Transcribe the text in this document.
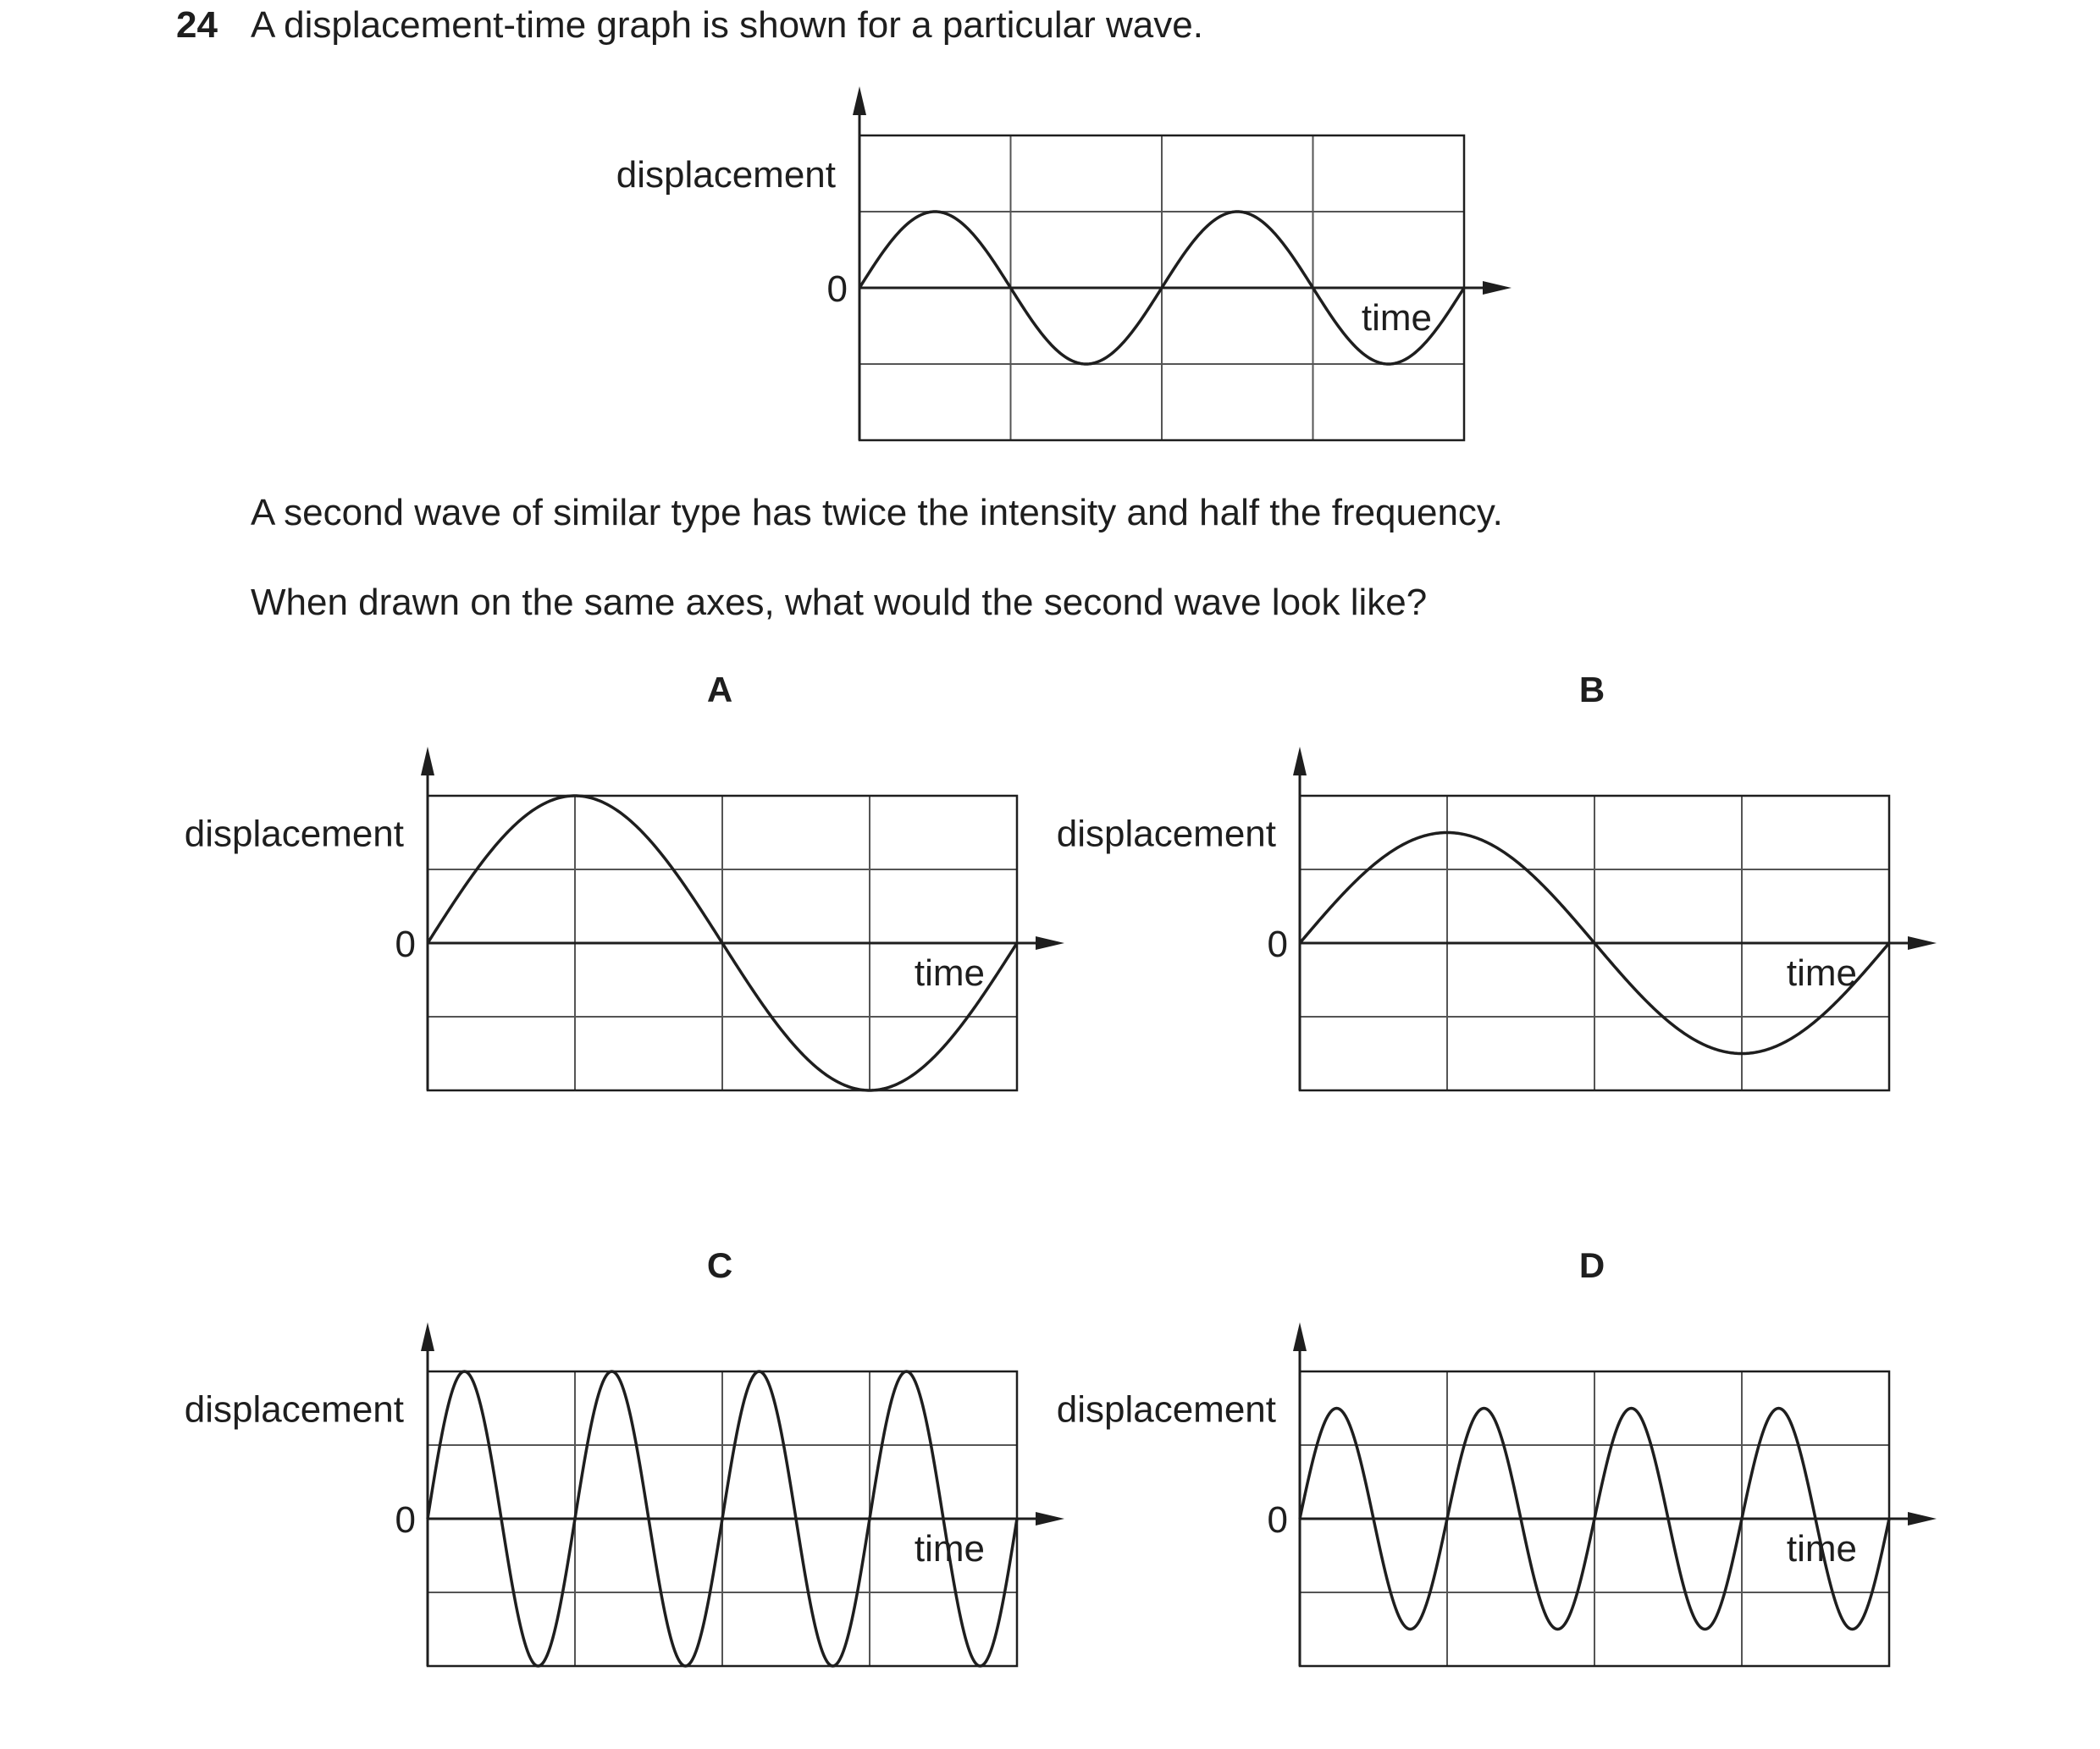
24 A displacement-time graph is shown for a particular wave.
displacement
0
time
A second wave of similar type has twice the intensity and half the frequency.
When drawn on the same axes, what would the second wave look like?
A	B
C	D
displacement
0
time
displacement
0
time
displacement
0
time
displacement
0
time
